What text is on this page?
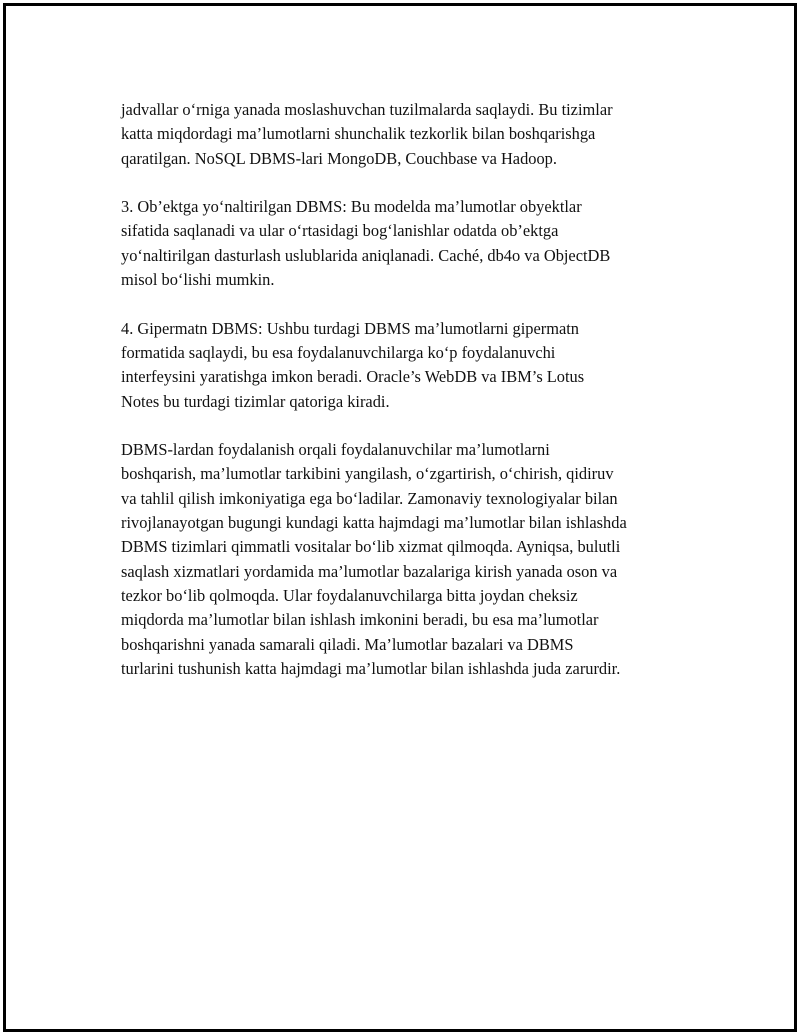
jadvallar o‘rniga yanada moslashuvchan tuzilmalarda saqlaydi. Bu tizimlar
katta miqdordagi ma’lumotlarni shunchalik tezkorlik bilan boshqarishga
qaratilgan. NoSQL DBMS-lari MongoDB, Couchbase va Hadoop.

3. Ob’ektga yo‘naltirilgan DBMS: Bu modelda ma’lumotlar obyektlar
sifatida saqlanadi va ular o‘rtasidagi bog‘lanishlar odatda ob’ektga
yo‘naltirilgan dasturlash uslublarida aniqlanadi. Caché, db4o va ObjectDB
misol bo‘lishi mumkin.

4. Gipermatn DBMS: Ushbu turdagi DBMS ma’lumotlarni gipermatn
formatida saqlaydi, bu esa foydalanuvchilarga ko‘p foydalanuvchi
interfeysini yaratishga imkon beradi. Oracle’s WebDB va IBM’s Lotus
Notes bu turdagi tizimlar qatoriga kiradi.

DBMS-lardan foydalanish orqali foydalanuvchilar ma’lumotlarni
boshqarish, ma’lumotlar tarkibini yangilash, o‘zgartirish, o‘chirish, qidiruv
va tahlil qilish imkoniyatiga ega bo‘ladilar. Zamonaviy texnologiyalar bilan
rivojlanayotgan bugungi kundagi katta hajmdagi ma’lumotlar bilan ishlashda
DBMS tizimlari qimmatli vositalar bo‘lib xizmat qilmoqda. Ayniqsa, bulutli
saqlash xizmatlari yordamida ma’lumotlar bazalariga kirish yanada oson va
tezkor bo‘lib qolmoqda. Ular foydalanuvchilarga bitta joydan cheksiz
miqdorda ma’lumotlar bilan ishlash imkonini beradi, bu esa ma’lumotlar
boshqarishni yanada samarali qiladi. Ma’lumotlar bazalari va DBMS
turlarini tushunish katta hajmdagi ma’lumotlar bilan ishlashda juda zarurdir.
